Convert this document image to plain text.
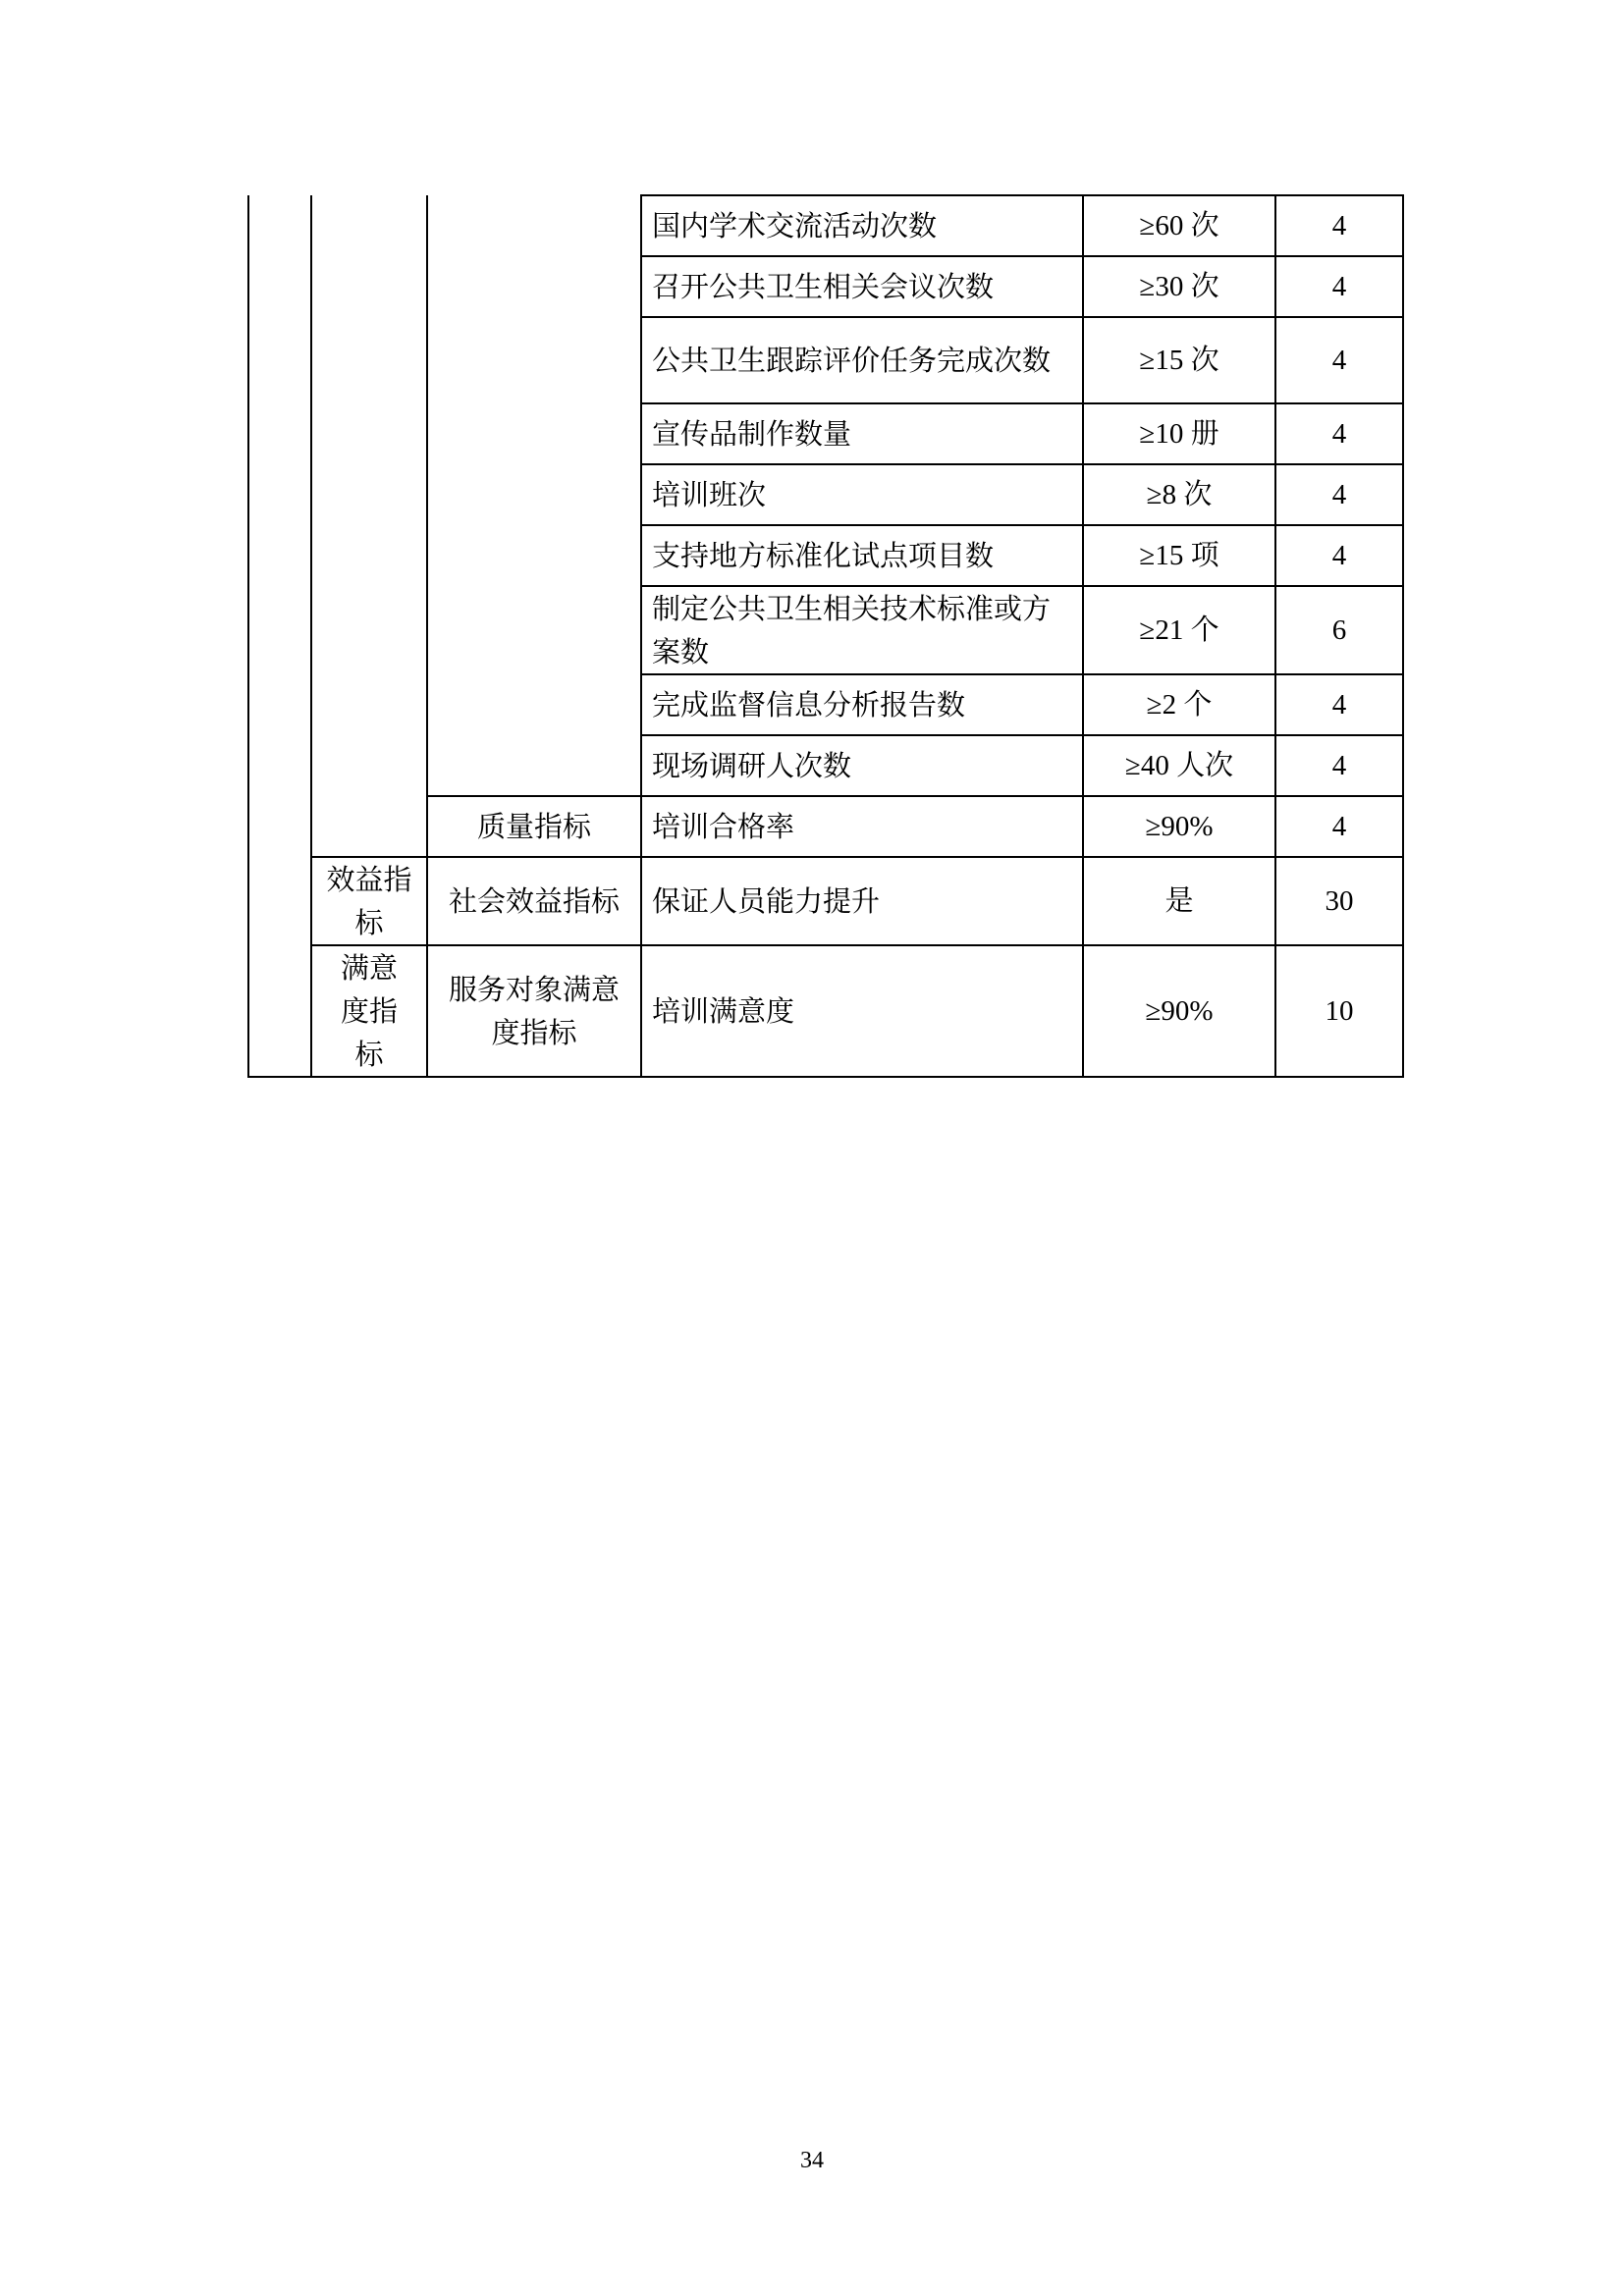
			国内学术交流活动次数	≥60 次	4
			召开公共卫生相关会议次数	≥30 次	4
			公共卫生跟踪评价任务完成次数	≥15 次	4
			宣传品制作数量	≥10 册	4
			培训班次	≥8 次	4
			支持地方标准化试点项目数	≥15 项	4
			制定公共卫生相关技术标准或方案数	≥21 个	6
			完成监督信息分析报告数	≥2 个	4
			现场调研人次数	≥40 人次	4
		质量指标	培训合格率	≥90%	4
	效益指标	社会效益指标	保证人员能力提升	是	30
	满意度指标	服务对象满意度指标	培训满意度	≥90%	10
34
